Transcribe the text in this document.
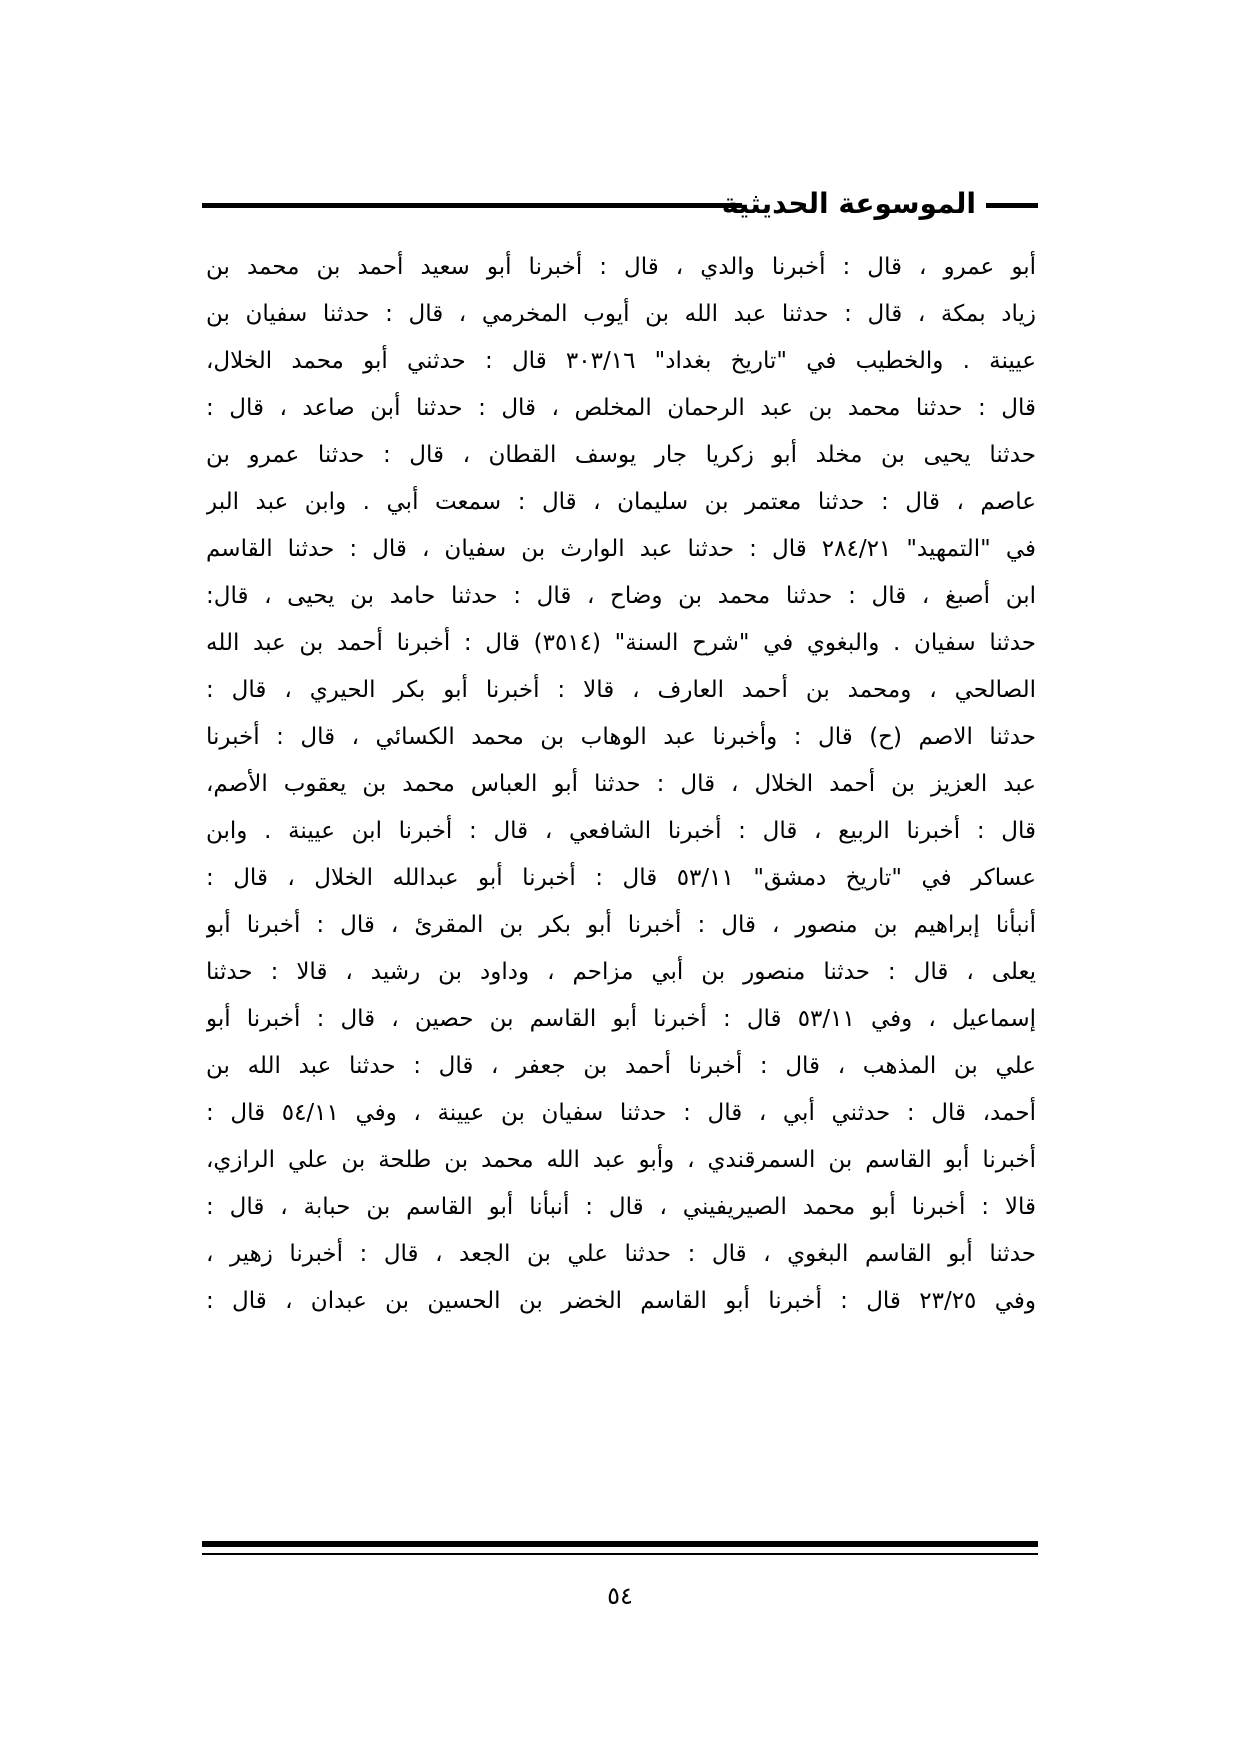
الموسوعة الحديثية
أبو عمرو ، قال : أخبرنا والدي ، قال : أخبرنا أبو سعيد أحمد بن محمد بن
زياد بمكة ، قال : حدثنا عبد الله بن أيوب المخرمي ، قال : حدثنا سفيان بن
عيينة . والخطيب في "تاريخ بغداد" ٣٠٣/١٦ قال : حدثني أبو محمد الخلال،
قال : حدثنا محمد بن عبد الرحمان المخلص ، قال : حدثنا أبن صاعد ، قال :
حدثنا يحيى بن مخلد أبو زكريا جار يوسف القطان ، قال : حدثنا عمرو بن
عاصم ، قال : حدثنا معتمر بن سليمان ، قال : سمعت أبي . وابن عبد البر
في "التمهيد" ٢٨٤/٢١ قال : حدثنا عبد الوارث بن سفيان ، قال : حدثنا القاسم
ابن أصبغ ، قال : حدثنا محمد بن وضاح ، قال : حدثنا حامد بن يحيى ، قال:
حدثنا سفيان . والبغوي في "شرح السنة" (٣٥١٤) قال : أخبرنا أحمد بن عبد الله
الصالحي ، ومحمد بن أحمد العارف ، قالا : أخبرنا أبو بكر الحيري ، قال :
حدثنا الاصم (ح) قال : وأخبرنا عبد الوهاب بن محمد الكسائي ، قال : أخبرنا
عبد العزيز بن أحمد الخلال ، قال : حدثنا أبو العباس محمد بن يعقوب الأصم،
قال : أخبرنا الربيع ، قال : أخبرنا الشافعي ، قال : أخبرنا ابن عيينة . وابن
عساكر في "تاريخ دمشق" ٥٣/١١ قال : أخبرنا أبو عبدالله الخلال ، قال :
أنبأنا إبراهيم بن منصور ، قال : أخبرنا أبو بكر بن المقرئ ، قال : أخبرنا أبو
يعلى ، قال : حدثنا منصور بن أبي مزاحم ، وداود بن رشيد ، قالا : حدثنا
إسماعيل ، وفي ٥٣/١١ قال : أخبرنا أبو القاسم بن حصين ، قال : أخبرنا أبو
علي بن المذهب ، قال : أخبرنا أحمد بن جعفر ، قال : حدثنا عبد الله بن
أحمد، قال : حدثني أبي ، قال : حدثنا سفيان بن عيينة ، وفي ٥٤/١١ قال :
أخبرنا أبو القاسم بن السمرقندي ، وأبو عبد الله محمد بن طلحة بن علي الرازي،
قالا : أخبرنا أبو محمد الصيريفيني ، قال : أنبأنا أبو القاسم بن حبابة ، قال :
حدثنا أبو القاسم البغوي ، قال : حدثنا علي بن الجعد ، قال : أخبرنا زهير ،
وفي ٢٣/٢٥ قال : أخبرنا أبو القاسم الخضر بن الحسين بن عبدان ، قال :
٥٤
